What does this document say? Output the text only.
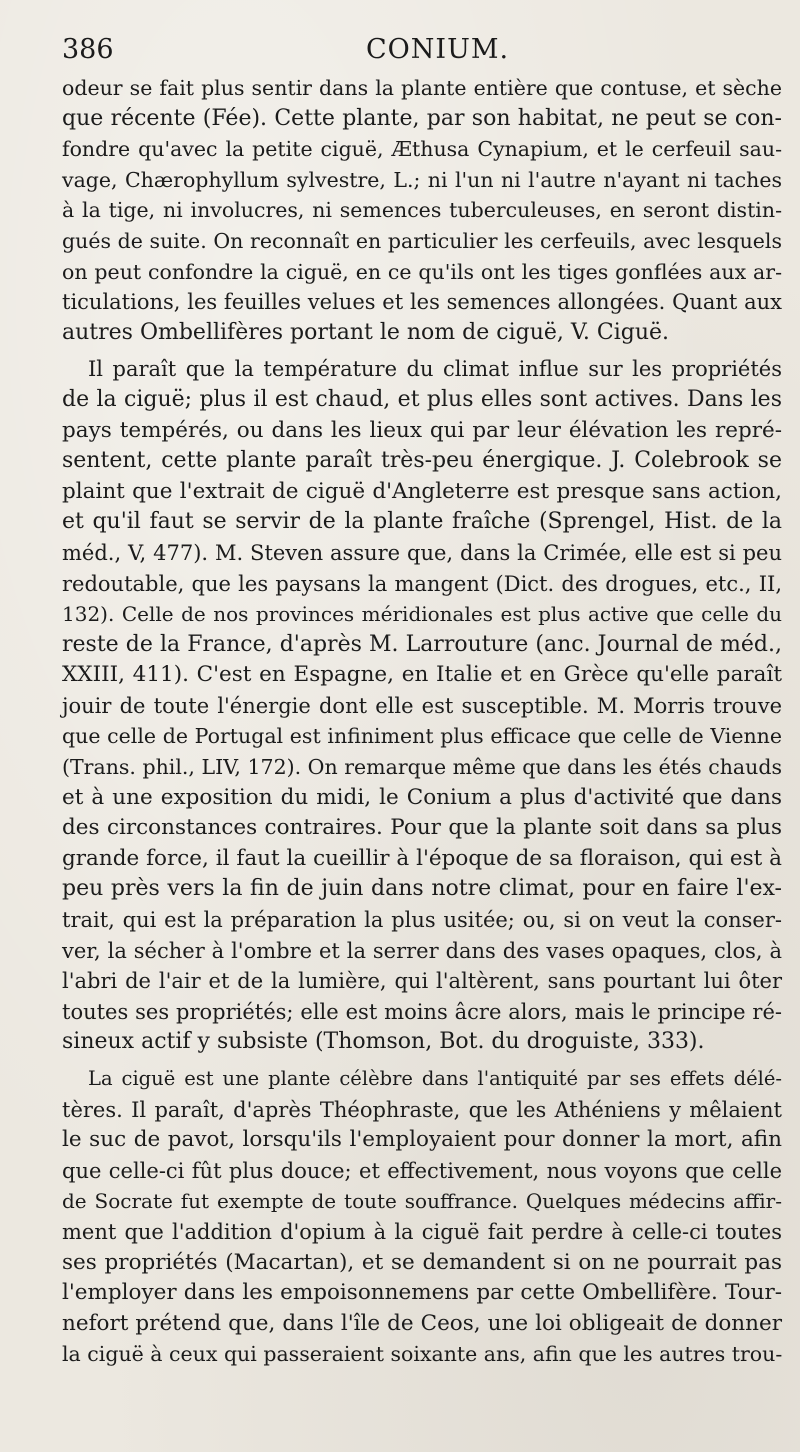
386	CONIUM.
odeur se fait plus sentir dans la plante entière que contuse, et sèche
que récente (Fée). Cette plante, par son habitat, ne peut se con-
fondre qu'avec la petite ciguë, Æthusa Cynapium, et le cerfeuil sau-
vage, Chærophyllum sylvestre, L.; ni l'un ni l'autre n'ayant ni taches
à la tige, ni involucres, ni semences tuberculeuses, en seront distin-
gués de suite. On reconnaît en particulier les cerfeuils, avec lesquels
on peut confondre la ciguë, en ce qu'ils ont les tiges gonflées aux ar-
ticulations, les feuilles velues et les semences allongées. Quant aux
autres Ombellifères portant le nom de ciguë, V. Ciguë.
Il paraît que la température du climat influe sur les propriétés
de la ciguë; plus il est chaud, et plus elles sont actives. Dans les
pays tempérés, ou dans les lieux qui par leur élévation les repré-
sentent, cette plante paraît très-peu énergique. J. Colebrook se
plaint que l'extrait de ciguë d'Angleterre est presque sans action,
et qu'il faut se servir de la plante fraîche (Sprengel, Hist. de la
méd., V, 477). M. Steven assure que, dans la Crimée, elle est si peu
redoutable, que les paysans la mangent (Dict. des drogues, etc., II,
132). Celle de nos provinces méridionales est plus active que celle du
reste de la France, d'après M. Larrouture (anc. Journal de méd.,
XXIII, 411). C'est en Espagne, en Italie et en Grèce qu'elle paraît
jouir de toute l'énergie dont elle est susceptible. M. Morris trouve
que celle de Portugal est infiniment plus efficace que celle de Vienne
(Trans. phil., LIV, 172). On remarque même que dans les étés chauds
et à une exposition du midi, le Conium a plus d'activité que dans
des circonstances contraires. Pour que la plante soit dans sa plus
grande force, il faut la cueillir à l'époque de sa floraison, qui est à
peu près vers la fin de juin dans notre climat, pour en faire l'ex-
trait, qui est la préparation la plus usitée; ou, si on veut la conser-
ver, la sécher à l'ombre et la serrer dans des vases opaques, clos, à
l'abri de l'air et de la lumière, qui l'altèrent, sans pourtant lui ôter
toutes ses propriétés; elle est moins âcre alors, mais le principe ré-
sineux actif y subsiste (Thomson, Bot. du droguiste, 333).
La ciguë est une plante célèbre dans l'antiquité par ses effets délé-
tères. Il paraît, d'après Théophraste, que les Athéniens y mêlaient
le suc de pavot, lorsqu'ils l'employaient pour donner la mort, afin
que celle-ci fût plus douce; et effectivement, nous voyons que celle
de Socrate fut exempte de toute souffrance. Quelques médecins affir-
ment que l'addition d'opium à la ciguë fait perdre à celle-ci toutes
ses propriétés (Macartan), et se demandent si on ne pourrait pas
l'employer dans les empoisonnemens par cette Ombellifère. Tour-
nefort prétend que, dans l'île de Ceos, une loi obligeait de donner
la ciguë à ceux qui passeraient soixante ans, afin que les autres trou-
